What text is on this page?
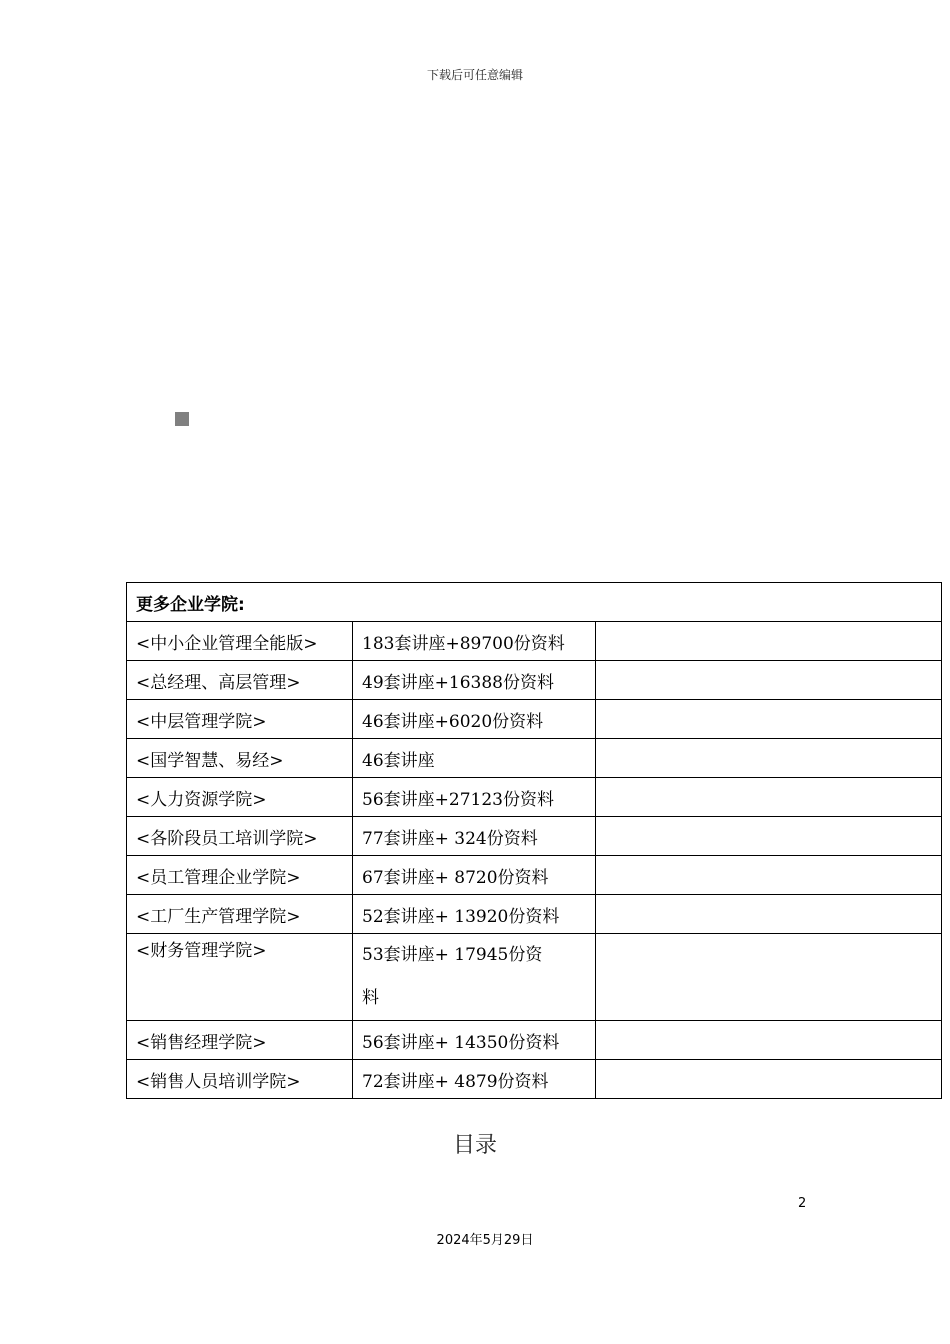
下载后可任意编辑
更多企业学院:		
<中小企业管理全能版>	183套讲座+89700份资料	
<总经理、高层管理>	49套讲座+16388份资料	
<中层管理学院>	46套讲座+6020份资料	
<国学智慧、易经>	46套讲座	
<人力资源学院>	56套讲座+27123份资料	
<各阶段员工培训学院>	77套讲座+ 324份资料	
<员工管理企业学院>	67套讲座+ 8720份资料	
<工厂生产管理学院>	52套讲座+ 13920份资料	
<财务管理学院>	53套讲座+ 17945份资料	
<销售经理学院>	56套讲座+ 14350份资料	
<销售人员培训学院>	72套讲座+ 4879份资料	
目录
2
2024年5月29日
